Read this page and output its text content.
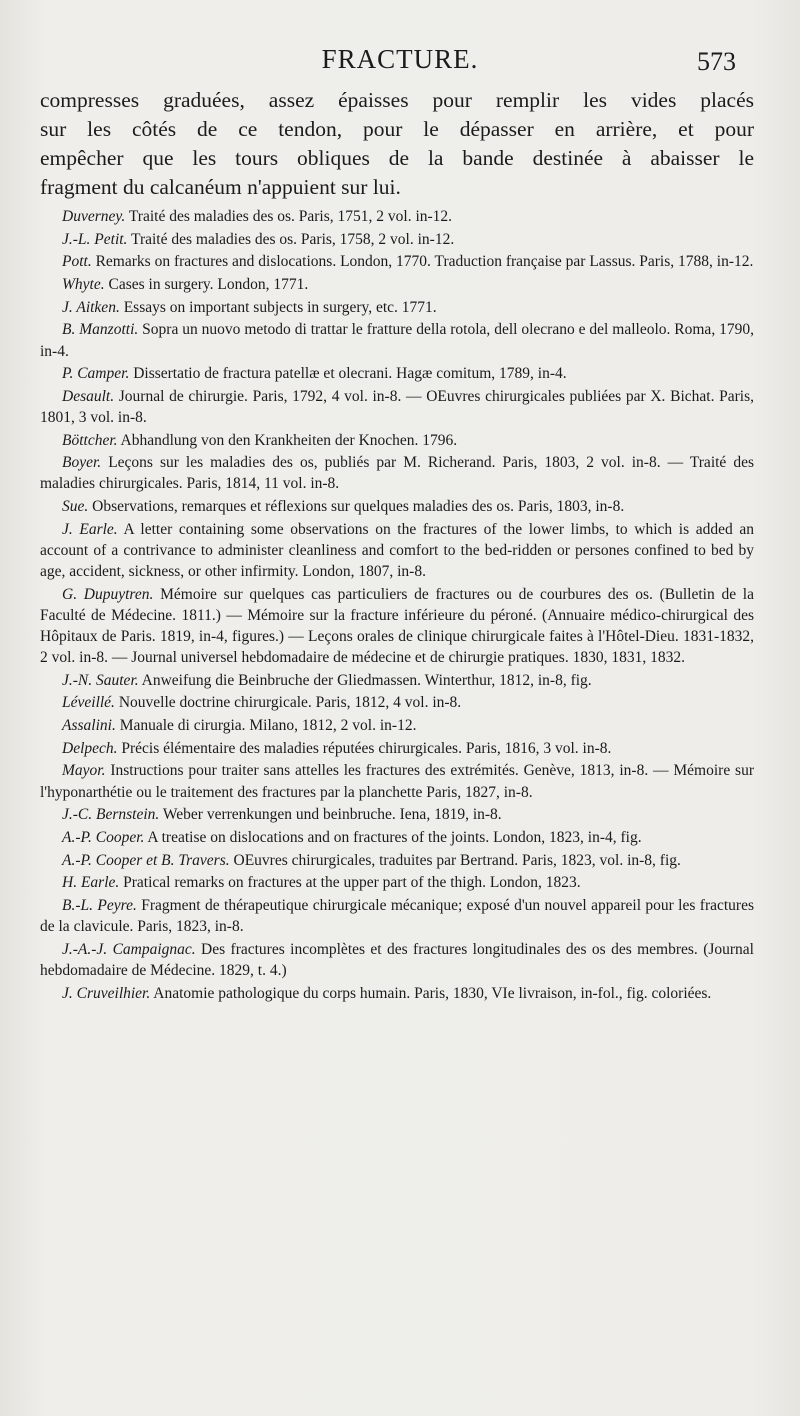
FRACTURE.	573
compresses graduées, assez épaisses pour remplir les vides placés
sur les côtés de ce tendon, pour le dépasser en arrière, et pour
empêcher que les tours obliques de la bande destinée à abaisser le
fragment du calcanéum n'appuient sur lui.

Duverney. Traité des maladies des os. Paris, 1751, 2 vol. in-12.

J.-L. Petit. Traité des maladies des os. Paris, 1758, 2 vol. in-12.

Pott. Remarks on fractures and dislocations. London, 1770. Traduction française par Lassus. Paris, 1788, in-12.

Whyte. Cases in surgery. London, 1771.

J. Aitken. Essays on important subjects in surgery, etc. 1771.

B. Manzotti. Sopra un nuovo metodo di trattar le fratture della rotola, dell olecrano e del malleolo. Roma, 1790, in-4.

P. Camper. Dissertatio de fractura patellæ et olecrani. Hagæ comitum, 1789, in-4.

Desault. Journal de chirurgie. Paris, 1792, 4 vol. in-8. — OEuvres chirurgicales publiées par X. Bichat. Paris, 1801, 3 vol. in-8.

Böttcher. Abhandlung von den Krankheiten der Knochen. 1796.

Boyer. Leçons sur les maladies des os, publiés par M. Richerand. Paris, 1803, 2 vol. in-8. — Traité des maladies chirurgicales. Paris, 1814, 11 vol. in-8.

Sue. Observations, remarques et réflexions sur quelques maladies des os. Paris, 1803, in-8.

J. Earle. A letter containing some observations on the fractures of the lower limbs, to which is added an account of a contrivance to administer cleanliness and comfort to the bed-ridden or persones confined to bed by age, accident, sickness, or other infirmity. London, 1807, in-8.

G. Dupuytren. Mémoire sur quelques cas particuliers de fractures ou de courbures des os. (Bulletin de la Faculté de Médecine. 1811.) — Mémoire sur la fracture inférieure du péroné. (Annuaire médico-chirurgical des Hôpitaux de Paris. 1819, in-4, figures.) — Leçons orales de clinique chirurgicale faites à l'Hôtel-Dieu. 1831-1832, 2 vol. in-8. — Journal universel hebdomadaire de médecine et de chirurgie pratiques. 1830, 1831, 1832.

J.-N. Sauter. Anweifung die Beinbruche der Gliedmassen. Winterthur, 1812, in-8, fig.

Léveillé. Nouvelle doctrine chirurgicale. Paris, 1812, 4 vol. in-8.

Assalini. Manuale di cirurgia. Milano, 1812, 2 vol. in-12.

Delpech. Précis élémentaire des maladies réputées chirurgicales. Paris, 1816, 3 vol. in-8.

Mayor. Instructions pour traiter sans attelles les fractures des extrémités. Genève, 1813, in-8. — Mémoire sur l'hyponarthétie ou le traitement des fractures par la planchette Paris, 1827, in-8.

J.-C. Bernstein. Weber verrenkungen und beinbruche. Iena, 1819, in-8.

A.-P. Cooper. A treatise on dislocations and on fractures of the joints. London, 1823, in-4, fig.

A.-P. Cooper et B. Travers. OEuvres chirurgicales, traduites par Bertrand. Paris, 1823, vol. in-8, fig.

H. Earle. Pratical remarks on fractures at the upper part of the thigh. London, 1823.

B.-L. Peyre. Fragment de thérapeutique chirurgicale mécanique; exposé d'un nouvel appareil pour les fractures de la clavicule. Paris, 1823, in-8.

J.-A.-J. Campaignac. Des fractures incomplètes et des fractures longitudinales des os des membres. (Journal hebdomadaire de Médecine. 1829, t. 4.)

J. Cruveilhier. Anatomie pathologique du corps humain. Paris, 1830, VIe livraison, in-fol., fig. coloriées.
